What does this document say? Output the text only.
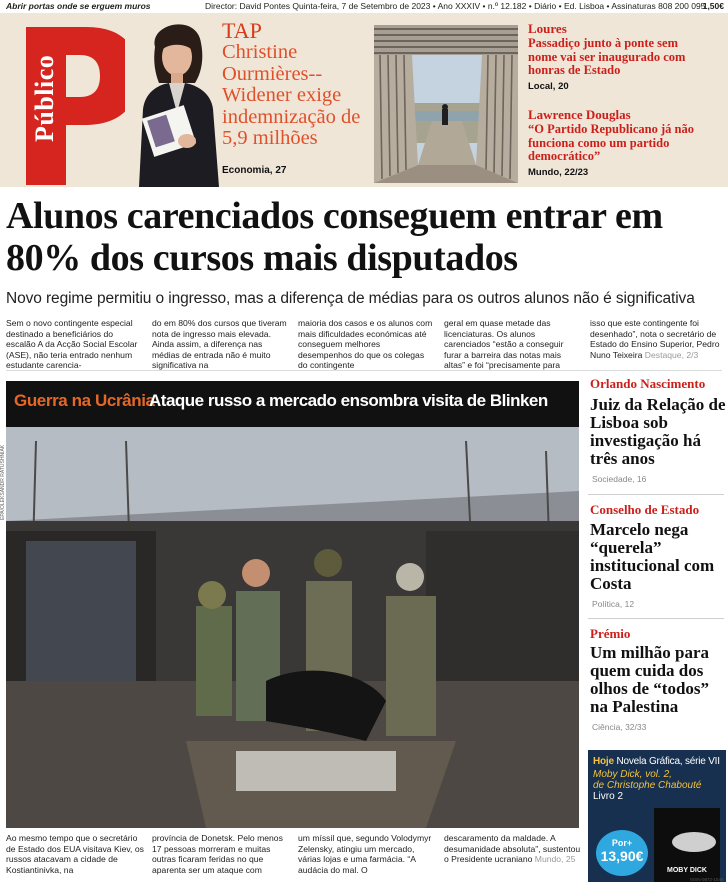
Abrir portas onde se erguem muros	Director: David Pontes Quinta-feira, 7 de Setembro de 2023 • Ano XXXIV • n.º 12.182 • Diário • Ed. Lisboa • Assinaturas 808 200 095
1,50€
Público
TAP
Christine Ourmières--Widener exige indemnização de 5,9 milhões
Economia, 27
Loures
Passadiço junto à ponte sem nome vai ser inaugurado com honras de Estado
Local, 20
Lawrence Douglas
“O Partido Republicano já não funciona como um partido democrático”
Mundo, 22/23
Alunos carenciados conseguem entrar em 80% dos cursos mais disputados
Novo regime permitiu o ingresso, mas a diferença de médias para os outros alunos não é significativa
Sem o novo contingente especial destinado a beneficiários do escalão A da Acção Social Escolar (ASE), não teria entrado nenhum estudante carencia-
do em 80% dos cursos que tiveram nota de ingresso mais elevada. Ainda assim, a diferença nas médias de entrada não é muito significativa na
maioria dos casos e os alunos com mais dificuldades económicas até conseguem melhores desempenhos do que os colegas do contingente
geral em quase metade das licenciaturas. Os alunos carenciados “estão a conseguir furar a barreira das notas mais altas” e foi “precisamente para
isso que este contingente foi desenhado”, nota o secretário de Estado do Ensino Superior, Pedro Nuno Teixeira Destaque, 2/3
Guerra na Ucrânia
Ataque russo a mercado ensombra visita de Blinken
EPA/OLEKSANDR RATUSHNIAK
Ao mesmo tempo que o secretário de Estado dos EUA visitava Kiev, os russos atacavam a cidade de Kostiantinivka, na
província de Donetsk. Pelo menos 17 pessoas morreram e muitas outras ficaram feridas no que aparenta ser um ataque com
um míssil que, segundo Volodymyr Zelensky, atingiu um mercado, várias lojas e uma farmácia. “A audácia do mal. O
descaramento da maldade. A desumanidade absoluta”, sustentou o Presidente ucraniano Mundo, 25
Orlando Nascimento
Juiz da Relação de Lisboa sob investigação há três anos
Sociedade, 16
Conselho de Estado
Marcelo nega “querela” institucional com Costa
Política, 12
Prémio
Um milhão para quem cuida dos olhos de “todos” na Palestina
Ciência, 32/33
Hoje Novela Gráfica, série VII
Moby Dick, vol. 2,
de Christophe Chabouté
Livro 2
MOBY DICK
Por+
13,90€
ISSN-0872-1548
